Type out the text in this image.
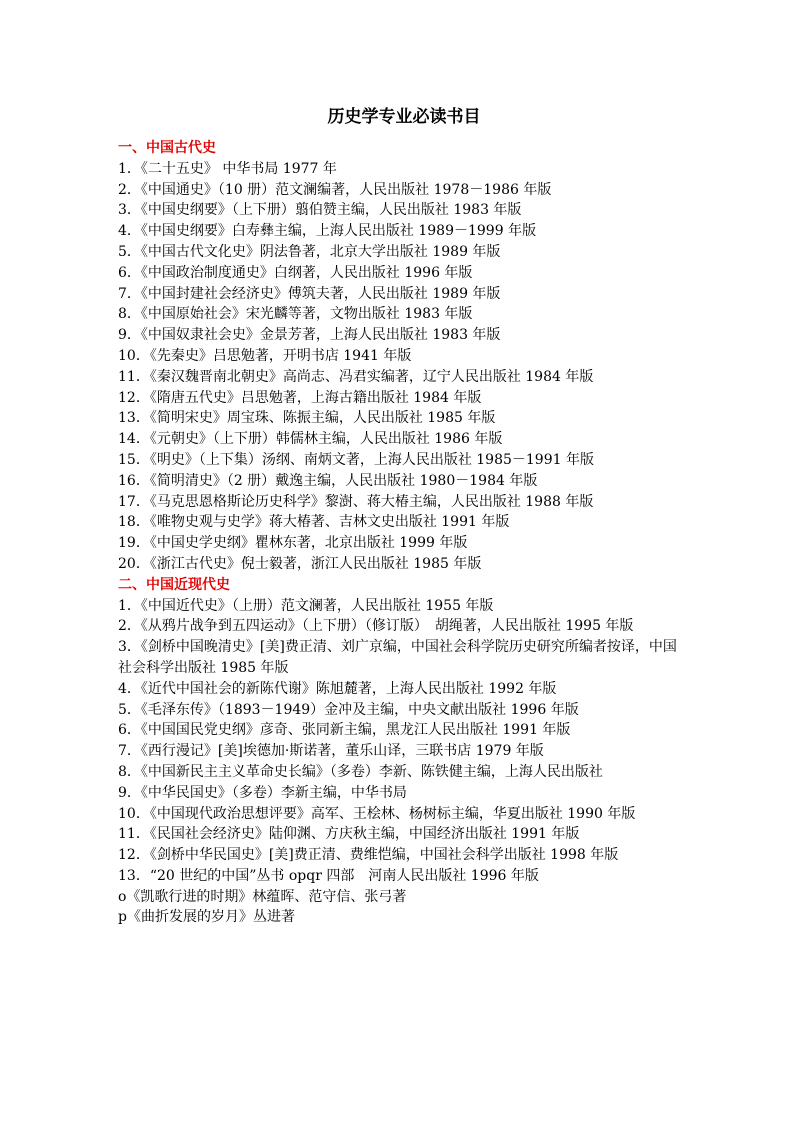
历史学专业必读书目
一、中国古代史
1．《二十五史》 中华书局 1977 年
2．《中国通史》（10 册）范文澜编著，人民出版社 1978－1986 年版
3．《中国史纲要》（上下册）翦伯赞主编，人民出版社 1983 年版
4．《中国史纲要》白寿彝主编，上海人民出版社 1989－1999 年版
5．《中国古代文化史》阴法鲁著，北京大学出版社 1989 年版
6．《中国政治制度通史》白纲著，人民出版社 1996 年版
7．《中国封建社会经济史》傅筑夫著，人民出版社 1989 年版
8．《中国原始社会》宋光麟等著，文物出版社 1983 年版
9．《中国奴隶社会史》金景芳著，上海人民出版社 1983 年版
10．《先秦史》吕思勉著，开明书店 1941 年版
11．《秦汉魏晋南北朝史》高尚志、冯君实编著，辽宁人民出版社 1984 年版
12．《隋唐五代史》吕思勉著，上海古籍出版社 1984 年版
13．《简明宋史》周宝珠、陈振主编，人民出版社 1985 年版
14．《元朝史》（上下册）韩儒林主编，人民出版社 1986 年版
15．《明史》（上下集）汤纲、南炳文著，上海人民出版社 1985－1991 年版
16．《简明清史》（2 册）戴逸主编，人民出版社 1980－1984 年版
17．《马克思恩格斯论历史科学》黎澍、蒋大椿主编，人民出版社 1988 年版
18．《唯物史观与史学》蒋大椿著、吉林文史出版社 1991 年版
19．《中国史学史纲》瞿林东著，北京出版社 1999 年版
20．《浙江古代史》倪士毅著，浙江人民出版社 1985 年版
二、中国近现代史
1．《中国近代史》（上册）范文澜著，人民出版社 1955 年版
2．《从鸦片战争到五四运动》（上下册）（修订版）　胡绳著，人民出版社 1995 年版
3．《剑桥中国晚清史》[美]费正清、刘广京编，中国社会科学院历史研究所编者按译，中国社会科学出版社 1985 年版
4．《近代中国社会的新陈代谢》陈旭麓著，上海人民出版社 1992 年版
5．《毛泽东传》（1893－1949）金冲及主编，中央文献出版社 1996 年版
6．《中国国民党史纲》彦奇、张同新主编，黑龙江人民出版社 1991 年版
7．《西行漫记》[美]埃德加·斯诺著，董乐山译，三联书店 1979 年版
8．《中国新民主主义革命史长编》（多卷）李新、陈铁健主编，上海人民出版社
9．《中华民国史》（多卷）李新主编，中华书局
10．《中国现代政治思想评要》高军、王桧林、杨树标主编，华夏出版社 1990 年版
11．《民国社会经济史》陆仰渊、方庆秋主编，中国经济出版社 1991 年版
12．《剑桥中华民国史》[美]费正清、费维恺编，中国社会科学出版社 1998 年版
13．“20 世纪的中国”丛书 opqr 四部　河南人民出版社 1996 年版
o《凯歌行进的时期》林蕴晖、范守信、张弓著
p《曲折发展的岁月》丛进著
